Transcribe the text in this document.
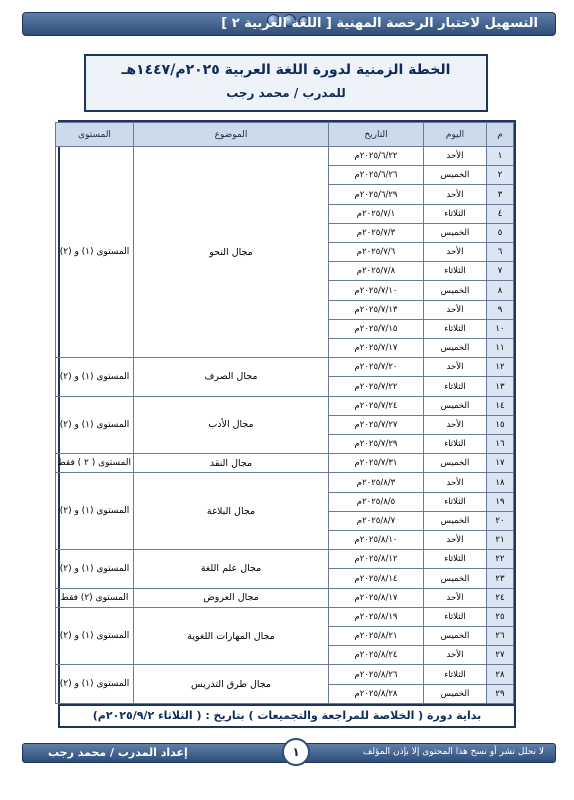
التسهيل لاختبار الرخصة المهنية [ اللغة العربية ٢ ]
الخطة الزمنية لدورة اللغة العربية ٢٠٢٥م/١٤٤٧هـ
للمدرب / محمد رجب
م	اليوم	التاريخ	الموضوع	المستوى
١	الأحد	٢٠٢٥/٦/٢٢م	مجال النحو	المستوى (١) و (٢)
٢	الخميس	٢٠٢٥/٦/٢٦م		
٣	الأحد	٢٠٢٥/٦/٢٩م		
٤	الثلاثاء	٢٠٢٥/٧/١م		
٥	الخميس	٢٠٢٥/٧/٣م		
٦	الأحد	٢٠٢٥/٧/٦م		
٧	الثلاثاء	٢٠٢٥/٧/٨م		
٨	الخميس	٢٠٢٥/٧/١٠م		
٩	الأحد	٢٠٢٥/٧/١٣م		
١٠	الثلاثاء	٢٠٢٥/٧/١٥م		
١١	الخميس	٢٠٢٥/٧/١٧م		
١٢	الأحد	٢٠٢٥/٧/٢٠م	مجال الصرف	المستوى (١) و (٢)
١٣	الثلاثاء	٢٠٢٥/٧/٢٢م		
١٤	الخميس	٢٠٢٥/٧/٢٤م	مجال الأدب	المستوى (١) و (٢)
١٥	الأحد	٢٠٢٥/٧/٢٧م		
١٦	الثلاثاء	٢٠٢٥/٧/٢٩م		
١٧	الخميس	٢٠٢٥/٧/٣١م	مجال النقد	المستوى ( ٢ ) فقط
١٨	الأحد	٢٠٢٥/٨/٣م	مجال البلاغة	المستوى (١) و (٢)
١٩	الثلاثاء	٢٠٢٥/٨/٥م		
٢٠	الخميس	٢٠٢٥/٨/٧م		
٢١	الأحد	٢٠٢٥/٨/١٠م		
٢٢	الثلاثاء	٢٠٢٥/٨/١٢م	مجال علم اللغة	المستوى (١) و (٢)
٢٣	الخميس	٢٠٢٥/٨/١٤م		
٢٤	الأحد	٢٠٢٥/٨/١٧م	مجال العروض	المستوى (٢) فقط
٢٥	الثلاثاء	٢٠٢٥/٨/١٩م	مجال المهارات اللغوية	المستوى (١) و (٢)
٢٦	الخميس	٢٠٢٥/٨/٢١م		
٢٧	الأحد	٢٠٢٥/٨/٢٤م		
٢٨	الثلاثاء	٢٠٢٥/٨/٢٦م	مجال طرق التدريس	المستوى (١) و (٢)
٢٩	الخميس	٢٠٢٥/٨/٢٨م		
بداية دورة ( الخلاصة للمراجعة والتجميعات ) بتاريخ : ( الثلاثاء ٢٠٢٥/٩/٢م)
لا نحلل نشر أو نسخ هذا المحتوى إلا بإذن المؤلف
إعداد المدرب / محمد رجب	١
